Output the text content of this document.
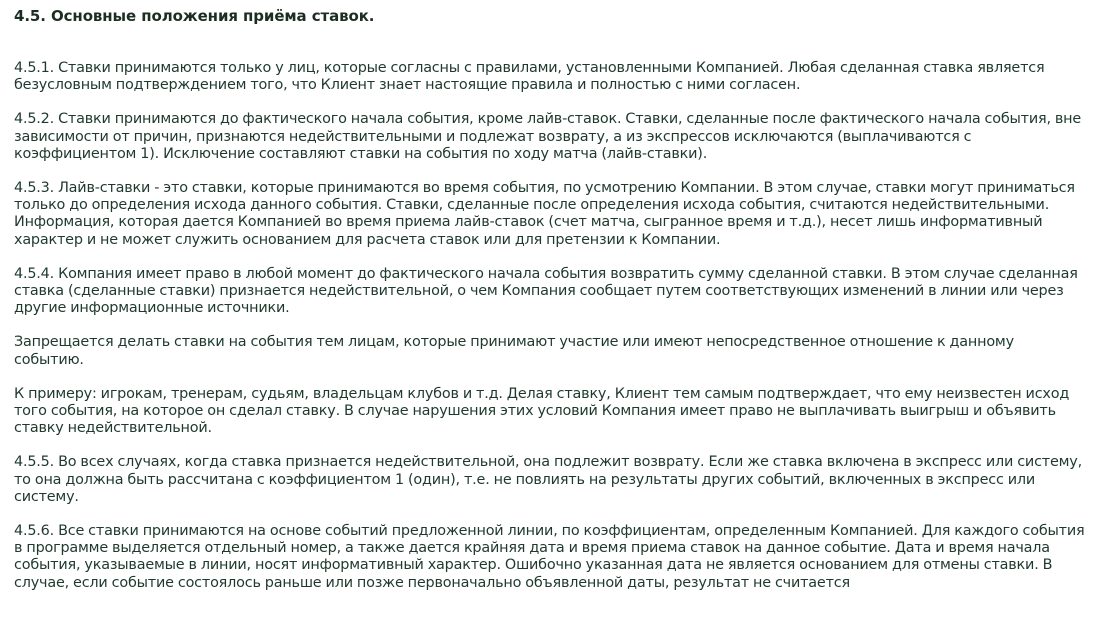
4.5. Основные положения приёма ставок.

4.5.1. Ставки принимаются только у лиц, которые согласны с правилами, установленными Компанией. Любая сделанная ставка является безусловным подтверждением того, что Клиент знает настоящие правила и полностью с ними согласен.

4.5.2. Ставки принимаются до фактического начала события, кроме лайв-ставок. Ставки, сделанные после фактического начала события, вне зависимости от причин, признаются недействительными и подлежат возврату, а из экспрессов исключаются (выплачиваются с коэффициентом 1). Исключение составляют ставки на события по ходу матча (лайв-ставки).

4.5.3. Лайв-ставки - это ставки, которые принимаются во время события, по усмотрению Компании. В этом случае, ставки могут приниматься только до определения исхода данного события. Ставки, сделанные после определения исхода события, считаются недействительными. Информация, которая дается Компанией во время приема лайв-ставок (счет матча, сыгранное время и т.д.), несет лишь информативный характер и не может служить основанием для расчета ставок или для претензии к Компании.

4.5.4. Компания имеет право в любой момент до фактического начала события возвратить сумму сделанной ставки. В этом случае сделанная ставка (сделанные ставки) признается недействительной, о чем Компания сообщает путем соответствующих изменений в линии или через другие информационные источники.

Запрещается делать ставки на события тем лицам, которые принимают участие или имеют непосредственное отношение к данному событию.

К примеру: игрокам, тренерам, судьям, владельцам клубов и т.д. Делая ставку, Клиент тем самым подтверждает, что ему неизвестен исход того события, на которое он сделал ставку. В случае нарушения этих условий Компания имеет право не выплачивать выигрыш и объявить ставку недействительной.

4.5.5. Во всех случаях, когда ставка признается недействительной, она подлежит возврату. Если же ставка включена в экспресс или систему, то она должна быть рассчитана с коэффициентом 1 (один), т.е. не повлиять на результаты других событий, включенных в экспресс или систему.

4.5.6. Все ставки принимаются на основе событий предложенной линии, по коэффициентам, определенным Компанией. Для каждого события в программе выделяется отдельный номер, а также дается крайняя дата и время приема ставок на данное событие. Дата и время начала события, указываемые в линии, носят информативный характер. Ошибочно указанная дата не является основанием для отмены ставки. В случае, если событие состоялось раньше или позже первоначально объявленной даты, результат не считается
